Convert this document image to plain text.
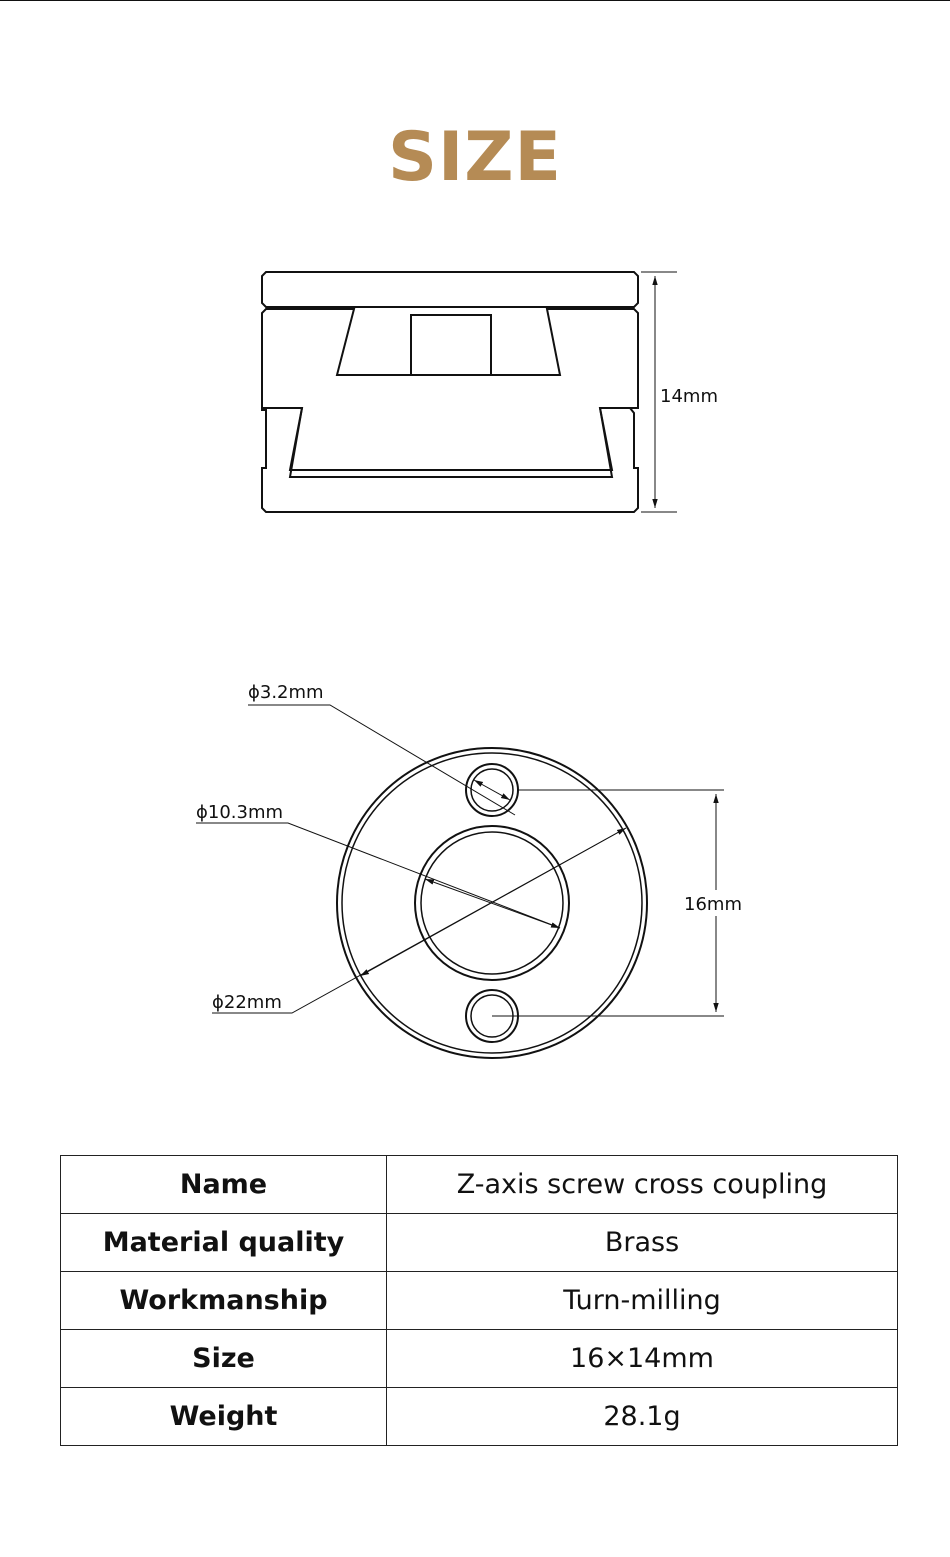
SIZE
14mm
ϕ3.2mm
ϕ10.3mm
ϕ22mm
16mm
Name	Z-axis screw cross coupling
Material quality	Brass
Workmanship	Turn-milling
Size	16×14mm
Weight	28.1g
